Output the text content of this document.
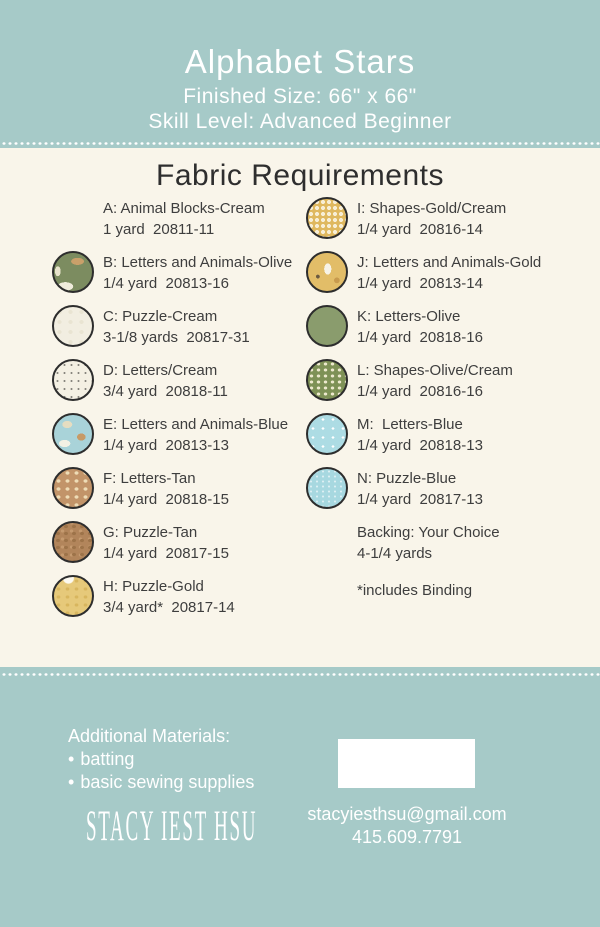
Alphabet Stars
Finished Size: 66" x 66"
Skill Level: Advanced Beginner
Fabric Requirements
A: Animal Blocks-Cream
1 yard  20811-11
B: Letters and Animals-Olive
1/4 yard  20813-16
C: Puzzle-Cream
3-1/8 yards  20817-31
D: Letters/Cream
3/4 yard  20818-11
E: Letters and Animals-Blue
1/4 yard  20813-13
F: Letters-Tan
1/4 yard  20818-15
G: Puzzle-Tan
1/4 yard  20817-15
H: Puzzle-Gold
3/4 yard*  20817-14
I: Shapes-Gold/Cream
1/4 yard  20816-14
J: Letters and Animals-Gold
1/4 yard  20813-14
K: Letters-Olive
1/4 yard  20818-16
L: Shapes-Olive/Cream
1/4 yard  20816-16
M:  Letters-Blue
1/4 yard  20818-13
N: Puzzle-Blue
1/4 yard  20817-13
Backing: Your Choice
4-1/4 yards
*includes Binding
Additional Materials:
• batting
• basic sewing supplies
STACY IEST HSU	stacyiesthsu@gmail.com
415.609.7791
